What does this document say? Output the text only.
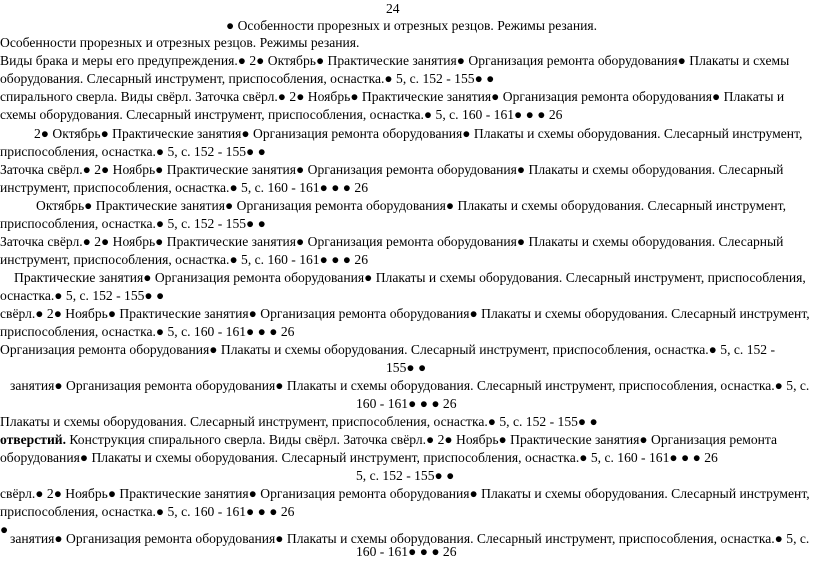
24

● Особенности прорезных и отрезных резцов. Режимы резания.

Особенности прорезных и отрезных резцов. Режимы резания.

Виды брака и меры его предупреждения.● 2● Октябрь● Практические занятия● Организация ремонта оборудования● Плакаты и схемы

оборудования. Слесарный инструмент, приспособления, оснастка.● 5, с. 152 - 155● ●

спирального сверла. Виды свёрл. Заточка свёрл.● 2● Ноябрь● Практические занятия● Организация ремонта оборудования● Плакаты и

схемы оборудования. Слесарный инструмент, приспособления, оснастка.● 5, с. 160 - 161● ● ● 26

2● Октябрь● Практические занятия● Организация ремонта оборудования● Плакаты и схемы оборудования. Слесарный инструмент,

приспособления, оснастка.● 5, с. 152 - 155● ●

Заточка свёрл.● 2● Ноябрь● Практические занятия● Организация ремонта оборудования● Плакаты и схемы оборудования. Слесарный

инструмент, приспособления, оснастка.● 5, с. 160 - 161● ● ● 26

Октябрь● Практические занятия● Организация ремонта оборудования● Плакаты и схемы оборудования. Слесарный инструмент,

приспособления, оснастка.● 5, с. 152 - 155● ●

Заточка свёрл.● 2● Ноябрь● Практические занятия● Организация ремонта оборудования● Плакаты и схемы оборудования. Слесарный

инструмент, приспособления, оснастка.● 5, с. 160 - 161● ● ● 26

Практические занятия● Организация ремонта оборудования● Плакаты и схемы оборудования. Слесарный инструмент, приспособления,

оснастка.● 5, с. 152 - 155● ●

свёрл.● 2● Ноябрь● Практические занятия● Организация ремонта оборудования● Плакаты и схемы оборудования. Слесарный инструмент,

приспособления, оснастка.● 5, с. 160 - 161● ● ● 26

Организация ремонта оборудования● Плакаты и схемы оборудования. Слесарный инструмент, приспособления, оснастка.● 5, с. 152 -

155● ●

занятия● Организация ремонта оборудования● Плакаты и схемы оборудования. Слесарный инструмент, приспособления, оснастка.● 5, с.

160 - 161● ● ● 26

Плакаты и схемы оборудования. Слесарный инструмент, приспособления, оснастка.● 5, с. 152 - 155● ●

отверстий. Конструкция спирального сверла. Виды свёрл. Заточка свёрл.● 2● Ноябрь● Практические занятия● Организация ремонта

оборудования● Плакаты и схемы оборудования. Слесарный инструмент, приспособления, оснастка.● 5, с. 160 - 161● ● ● 26

5, с. 152 - 155● ●

свёрл.● 2● Ноябрь● Практические занятия● Организация ремонта оборудования● Плакаты и схемы оборудования. Слесарный инструмент,

приспособления, оснастка.● 5, с. 160 - 161● ● ● 26

●

занятия● Организация ремонта оборудования● Плакаты и схемы оборудования. Слесарный инструмент, приспособления, оснастка.● 5, с.

160 - 161● ● ● 26
